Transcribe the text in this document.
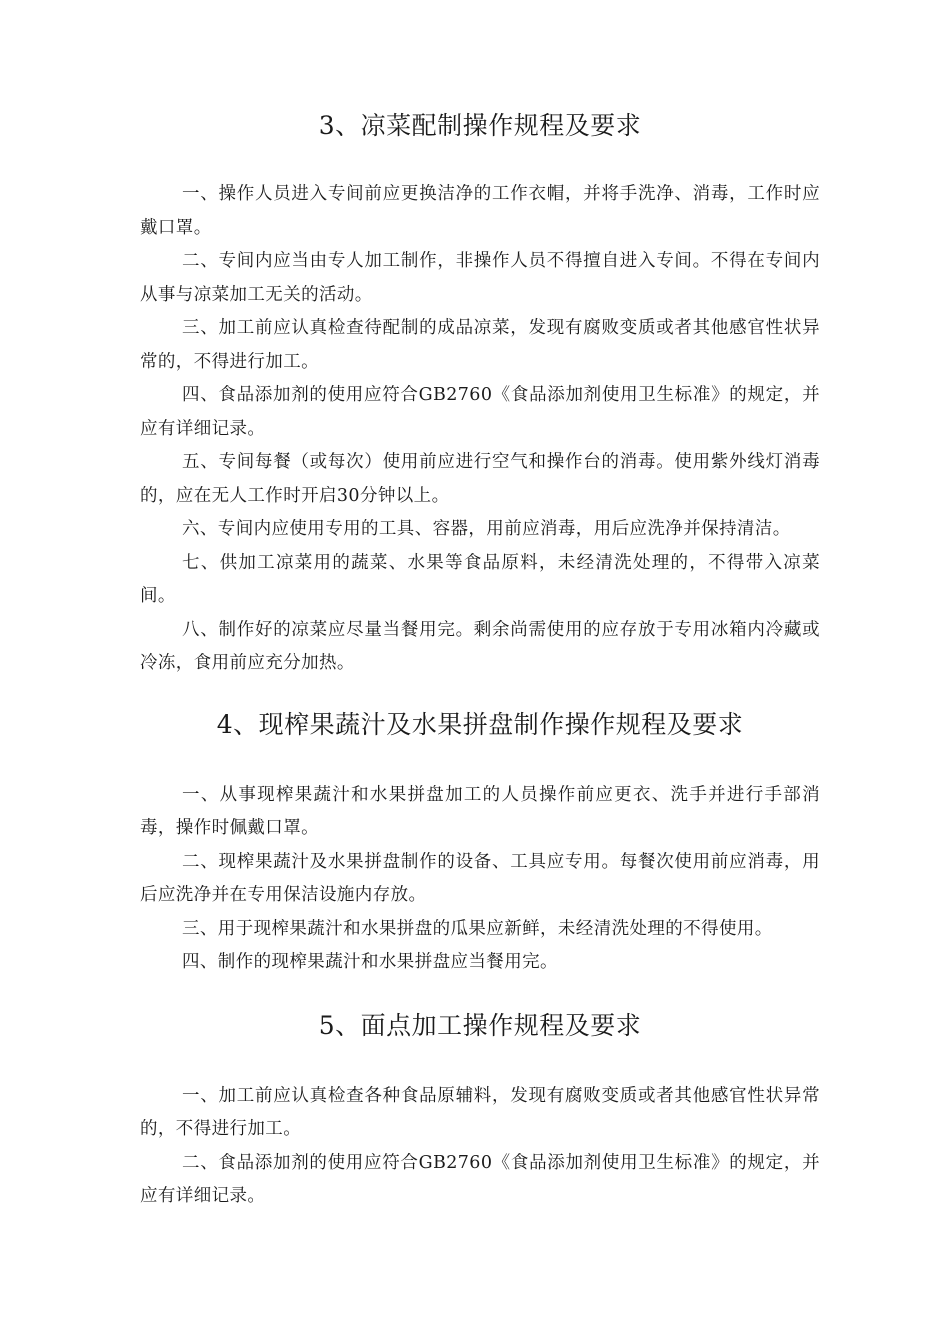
3、凉菜配制操作规程及要求

一、操作人员进入专间前应更换洁净的工作衣帽，并将手洗净、消毒，工作时应戴口罩。

二、专间内应当由专人加工制作，非操作人员不得擅自进入专间。不得在专间内从事与凉菜加工无关的活动。

三、加工前应认真检查待配制的成品凉菜，发现有腐败变质或者其他感官性状异常的，不得进行加工。

四、食品添加剂的使用应符合GB2760《食品添加剂使用卫生标准》的规定，并应有详细记录。

五、专间每餐（或每次）使用前应进行空气和操作台的消毒。使用紫外线灯消毒的，应在无人工作时开启30分钟以上。

六、专间内应使用专用的工具、容器，用前应消毒，用后应洗净并保持清洁。

七、供加工凉菜用的蔬菜、水果等食品原料，未经清洗处理的，不得带入凉菜间。

八、制作好的凉菜应尽量当餐用完。剩余尚需使用的应存放于专用冰箱内冷藏或冷冻，食用前应充分加热。

4、现榨果蔬汁及水果拼盘制作操作规程及要求

一、从事现榨果蔬汁和水果拼盘加工的人员操作前应更衣、洗手并进行手部消毒，操作时佩戴口罩。

二、现榨果蔬汁及水果拼盘制作的设备、工具应专用。每餐次使用前应消毒，用后应洗净并在专用保洁设施内存放。

三、用于现榨果蔬汁和水果拼盘的瓜果应新鲜，未经清洗处理的不得使用。

四、制作的现榨果蔬汁和水果拼盘应当餐用完。

5、面点加工操作规程及要求

一、加工前应认真检查各种食品原辅料，发现有腐败变质或者其他感官性状异常的，不得进行加工。

二、食品添加剂的使用应符合GB2760《食品添加剂使用卫生标准》的规定，并应有详细记录。
